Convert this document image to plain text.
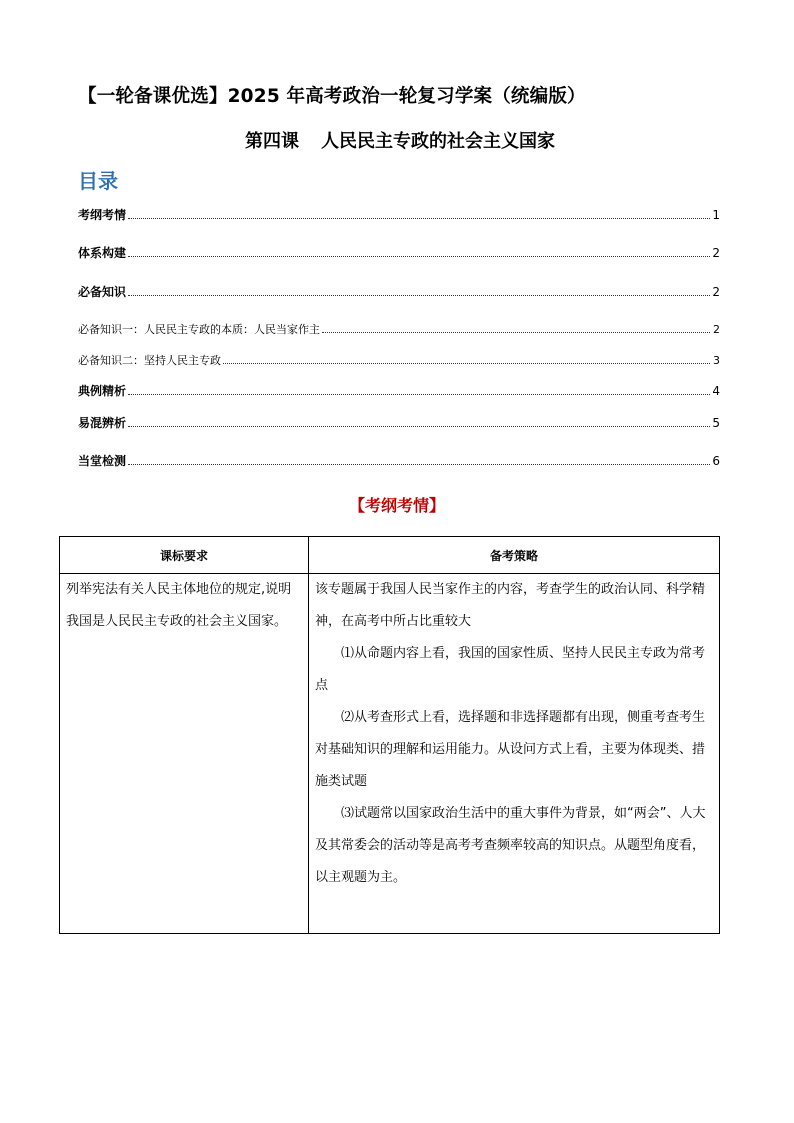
【一轮备课优选】2025 年高考政治一轮复习学案（统编版）
第四课 人民民主专政的社会主义国家
目录
考纲考情	1
体系构建	2
必备知识	2
必备知识一：人民民主专政的本质：人民当家作主	2
必备知识二：坚持人民主专政	3
典例精析	4
易混辨析	5
当堂检测	6
【考纲考情】
课标要求	备考策略

列举宪法有关人民主体地位的规定,说明我国是人民民主专政的社会主义国家。	该专题属于我国人民当家作主的内容，考查学生的政治认同、科学精神，在高考中所占比重较大

⑴从命题内容上看，我国的国家性质、坚持人民民主专政为常考点

⑵从考查形式上看，选择题和非选择题都有出现，侧重考查考生对基础知识的理解和运用能力。从设问方式上看，主要为体现类、措施类试题

⑶试题常以国家政治生活中的重大事件为背景，如“两会”、人大及其常委会的活动等是高考考查频率较高的知识点。从题型角度看，以主观题为主。
